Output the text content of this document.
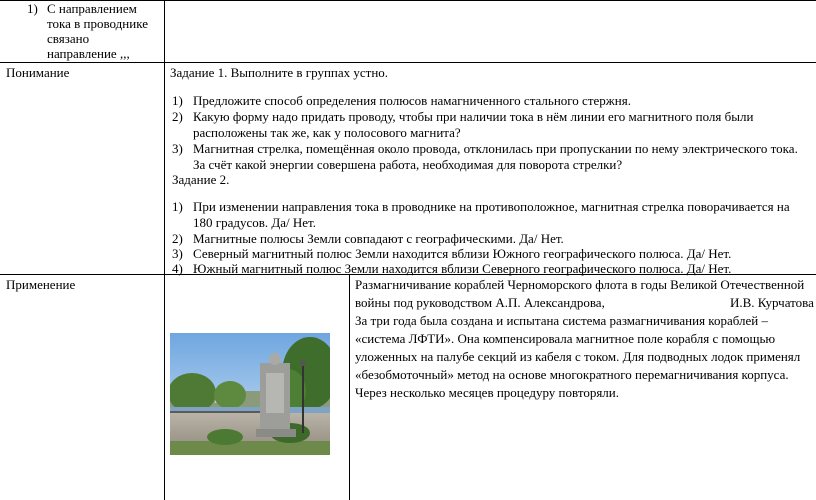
1) С направлением
тока в проводнике
связано
направление ,,,
Понимание	Задание 1. Выполните в группах устно.
1) Предложите способ определения полюсов намагниченного стального стержня.
2) Какую форму надо придать проводу, чтобы при наличии тока в нём линии его магнитного поля были
расположены так же, как у полосового магнита?
3) Магнитная стрелка, помещённая около провода, отклонилась при пропускании по нему электрического тока.
За счёт какой энергии совершена работа, необходимая для поворота стрелки?
Задание 2.
1) При изменении направления тока в проводнике на противоположное, магнитная стрелка поворачивается на
180 градусов. Да/ Нет.
2) Магнитные полюсы Земли совпадают с географическими. Да/ Нет.
3) Северный магнитный полюс Земли находится вблизи Южного географического полюса. Да/ Нет.
4) Южный магнитный полюс Земли находится вблизи Северного географического полюса. Да/ Нет.
Применение	Размагничивание кораблей Черноморского флота в годы Великой Отечественной
войны под руководством А.П. Александрова,	И.В. Курчатова
За три года была создана и испытана система размагничивания кораблей –
«система ЛФТИ». Она компенсировала магнитное поле корабля с помощью
уложенных на палубе секций из кабеля с током. Для подводных лодок применял
«безобмоточный» метод на основе многократного перемагничивания корпуса.
Через несколько месяцев процедуру повторяли.
